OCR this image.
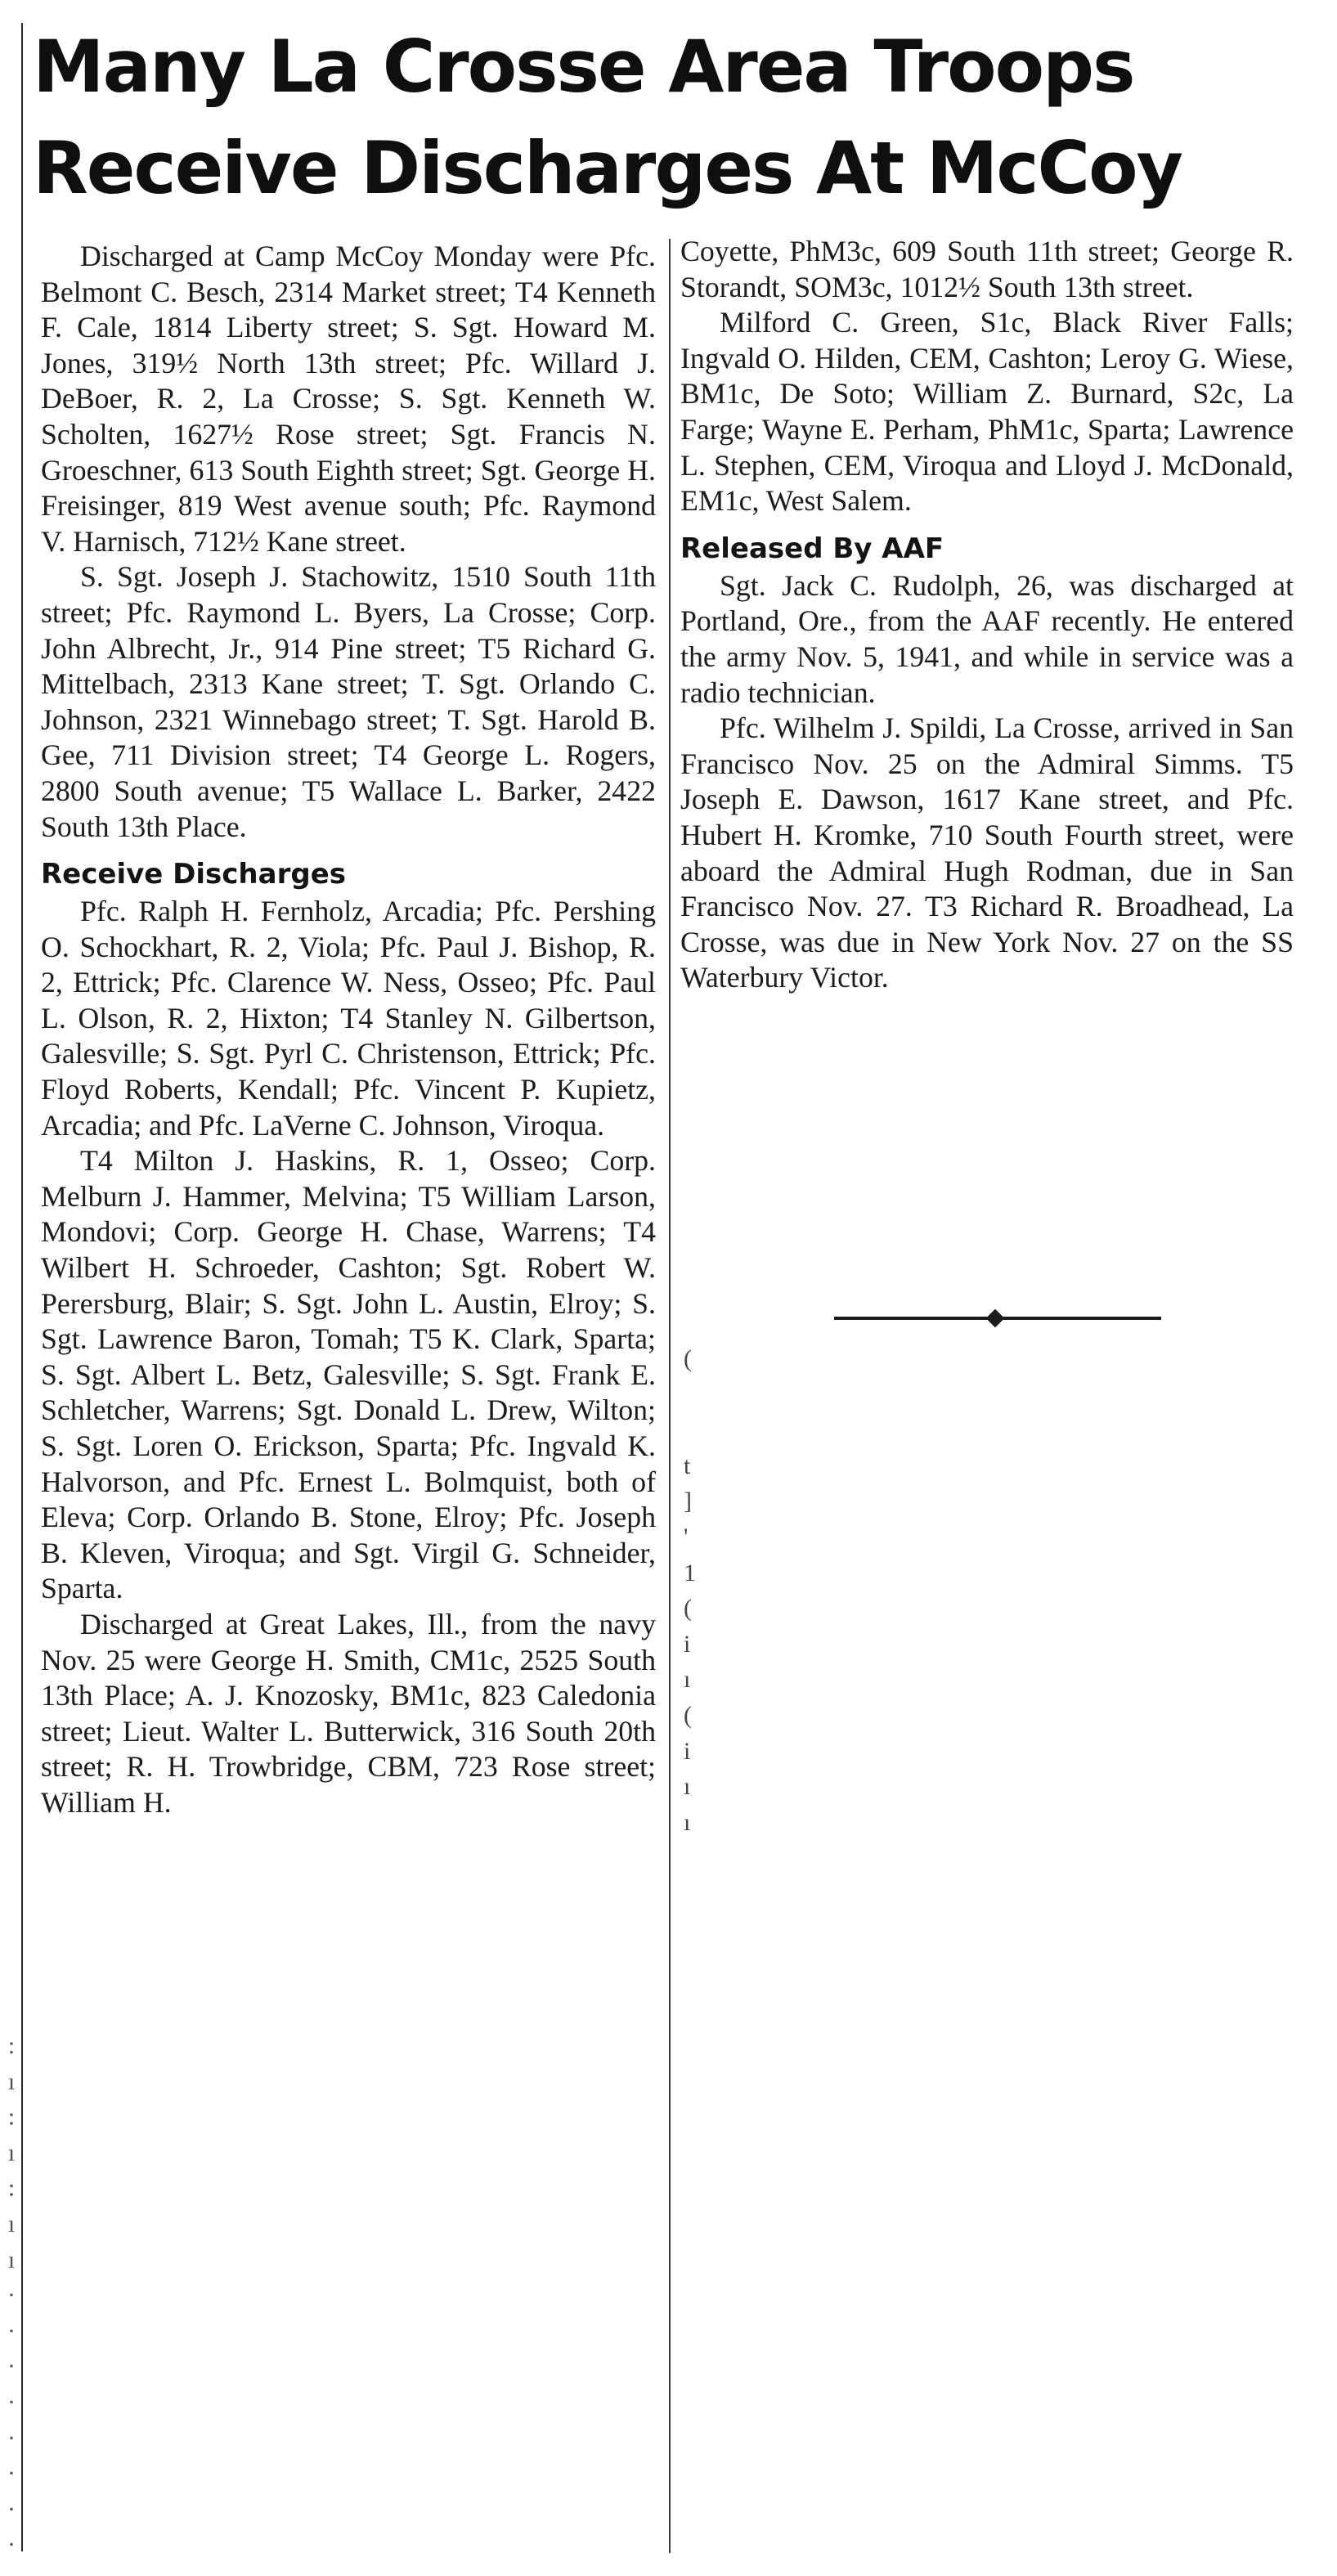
Many La Crosse Area Troops
Receive Discharges At McCoy

Discharged at Camp McCoy Monday were Pfc. Belmont C. Besch, 2314 Market street; T4 Kenneth F. Cale, 1814 Liberty street; S. Sgt. Howard M. Jones, 319½ North 13th street; Pfc. Willard J. DeBoer, R. 2, La Crosse; S. Sgt. Kenneth W. Scholten, 1627½ Rose street; Sgt. Francis N. Groeschner, 613 South Eighth street; Sgt. George H. Freisinger, 819 West avenue south; Pfc. Raymond V. Harnisch, 712½ Kane street.

S. Sgt. Joseph J. Stachowitz, 1510 South 11th street; Pfc. Raymond L. Byers, La Crosse; Corp. John Albrecht, Jr., 914 Pine street; T5 Richard G. Mittelbach, 2313 Kane street; T. Sgt. Orlando C. Johnson, 2321 Winnebago street; T. Sgt. Harold B. Gee, 711 Division street; T4 George L. Rogers, 2800 South avenue; T5 Wallace L. Barker, 2422 South 13th Place.

Receive Discharges

Pfc. Ralph H. Fernholz, Arcadia; Pfc. Pershing O. Schockhart, R. 2, Viola; Pfc. Paul J. Bishop, R. 2, Ettrick; Pfc. Clarence W. Ness, Osseo; Pfc. Paul L. Olson, R. 2, Hixton; T4 Stanley N. Gilbertson, Galesville; S. Sgt. Pyrl C. Christenson, Ettrick; Pfc. Floyd Roberts, Kendall; Pfc. Vincent P. Kupietz, Arcadia; and Pfc. LaVerne C. Johnson, Viroqua.

T4 Milton J. Haskins, R. 1, Osseo; Corp. Melburn J. Hammer, Melvina; T5 William Larson, Mondovi; Corp. George H. Chase, Warrens; T4 Wilbert H. Schroeder, Cashton; Sgt. Robert W. Perersburg, Blair; S. Sgt. John L. Austin, Elroy; S. Sgt. Lawrence Baron, Tomah; T5 K. Clark, Sparta; S. Sgt. Albert L. Betz, Galesville; S. Sgt. Frank E. Schletcher, Warrens; Sgt. Donald L. Drew, Wilton; S. Sgt. Loren O. Erickson, Sparta; Pfc. Ingvald K. Halvorson, and Pfc. Ernest L. Bolmquist, both of Eleva; Corp. Orlando B. Stone, Elroy; Pfc. Joseph B. Kleven, Viroqua; and Sgt. Virgil G. Schneider, Sparta.

Discharged at Great Lakes, Ill., from the navy Nov. 25 were George H. Smith, CM1c, 2525 South 13th Place; A. J. Knozosky, BM1c, 823 Caledonia street; Lieut. Walter L. Butterwick, 316 South 20th street; R. H. Trowbridge, CBM, 723 Rose street; William H.

Coyette, PhM3c, 609 South 11th street; George R. Storandt, SOM3c, 1012½ South 13th street.

Milford C. Green, S1c, Black River Falls; Ingvald O. Hilden, CEM, Cashton; Leroy G. Wiese, BM1c, De Soto; William Z. Burnard, S2c, La Farge; Wayne E. Perham, PhM1c, Sparta; Lawrence L. Stephen, CEM, Viroqua and Lloyd J. McDonald, EM1c, West Salem.

Released By AAF

Sgt. Jack C. Rudolph, 26, was discharged at Portland, Ore., from the AAF recently. He entered the army Nov. 5, 1941, and while in service was a radio technician.

Pfc. Wilhelm J. Spildi, La Crosse, arrived in San Francisco Nov. 25 on the Admiral Simms. T5 Joseph E. Dawson, 1617 Kane street, and Pfc. Hubert H. Kromke, 710 South Fourth street, were aboard the Admiral Hugh Rodman, due in San Francisco Nov. 27. T3 Richard R. Broadhead, La Crosse, was due in New York Nov. 27 on the SS Waterbury Victor.

:
ı
:
ı
:
ı
ı
·
·
·
·
·
·
·
·
(
t
]
'
1
(
i
ı
(
i
ı
ı
